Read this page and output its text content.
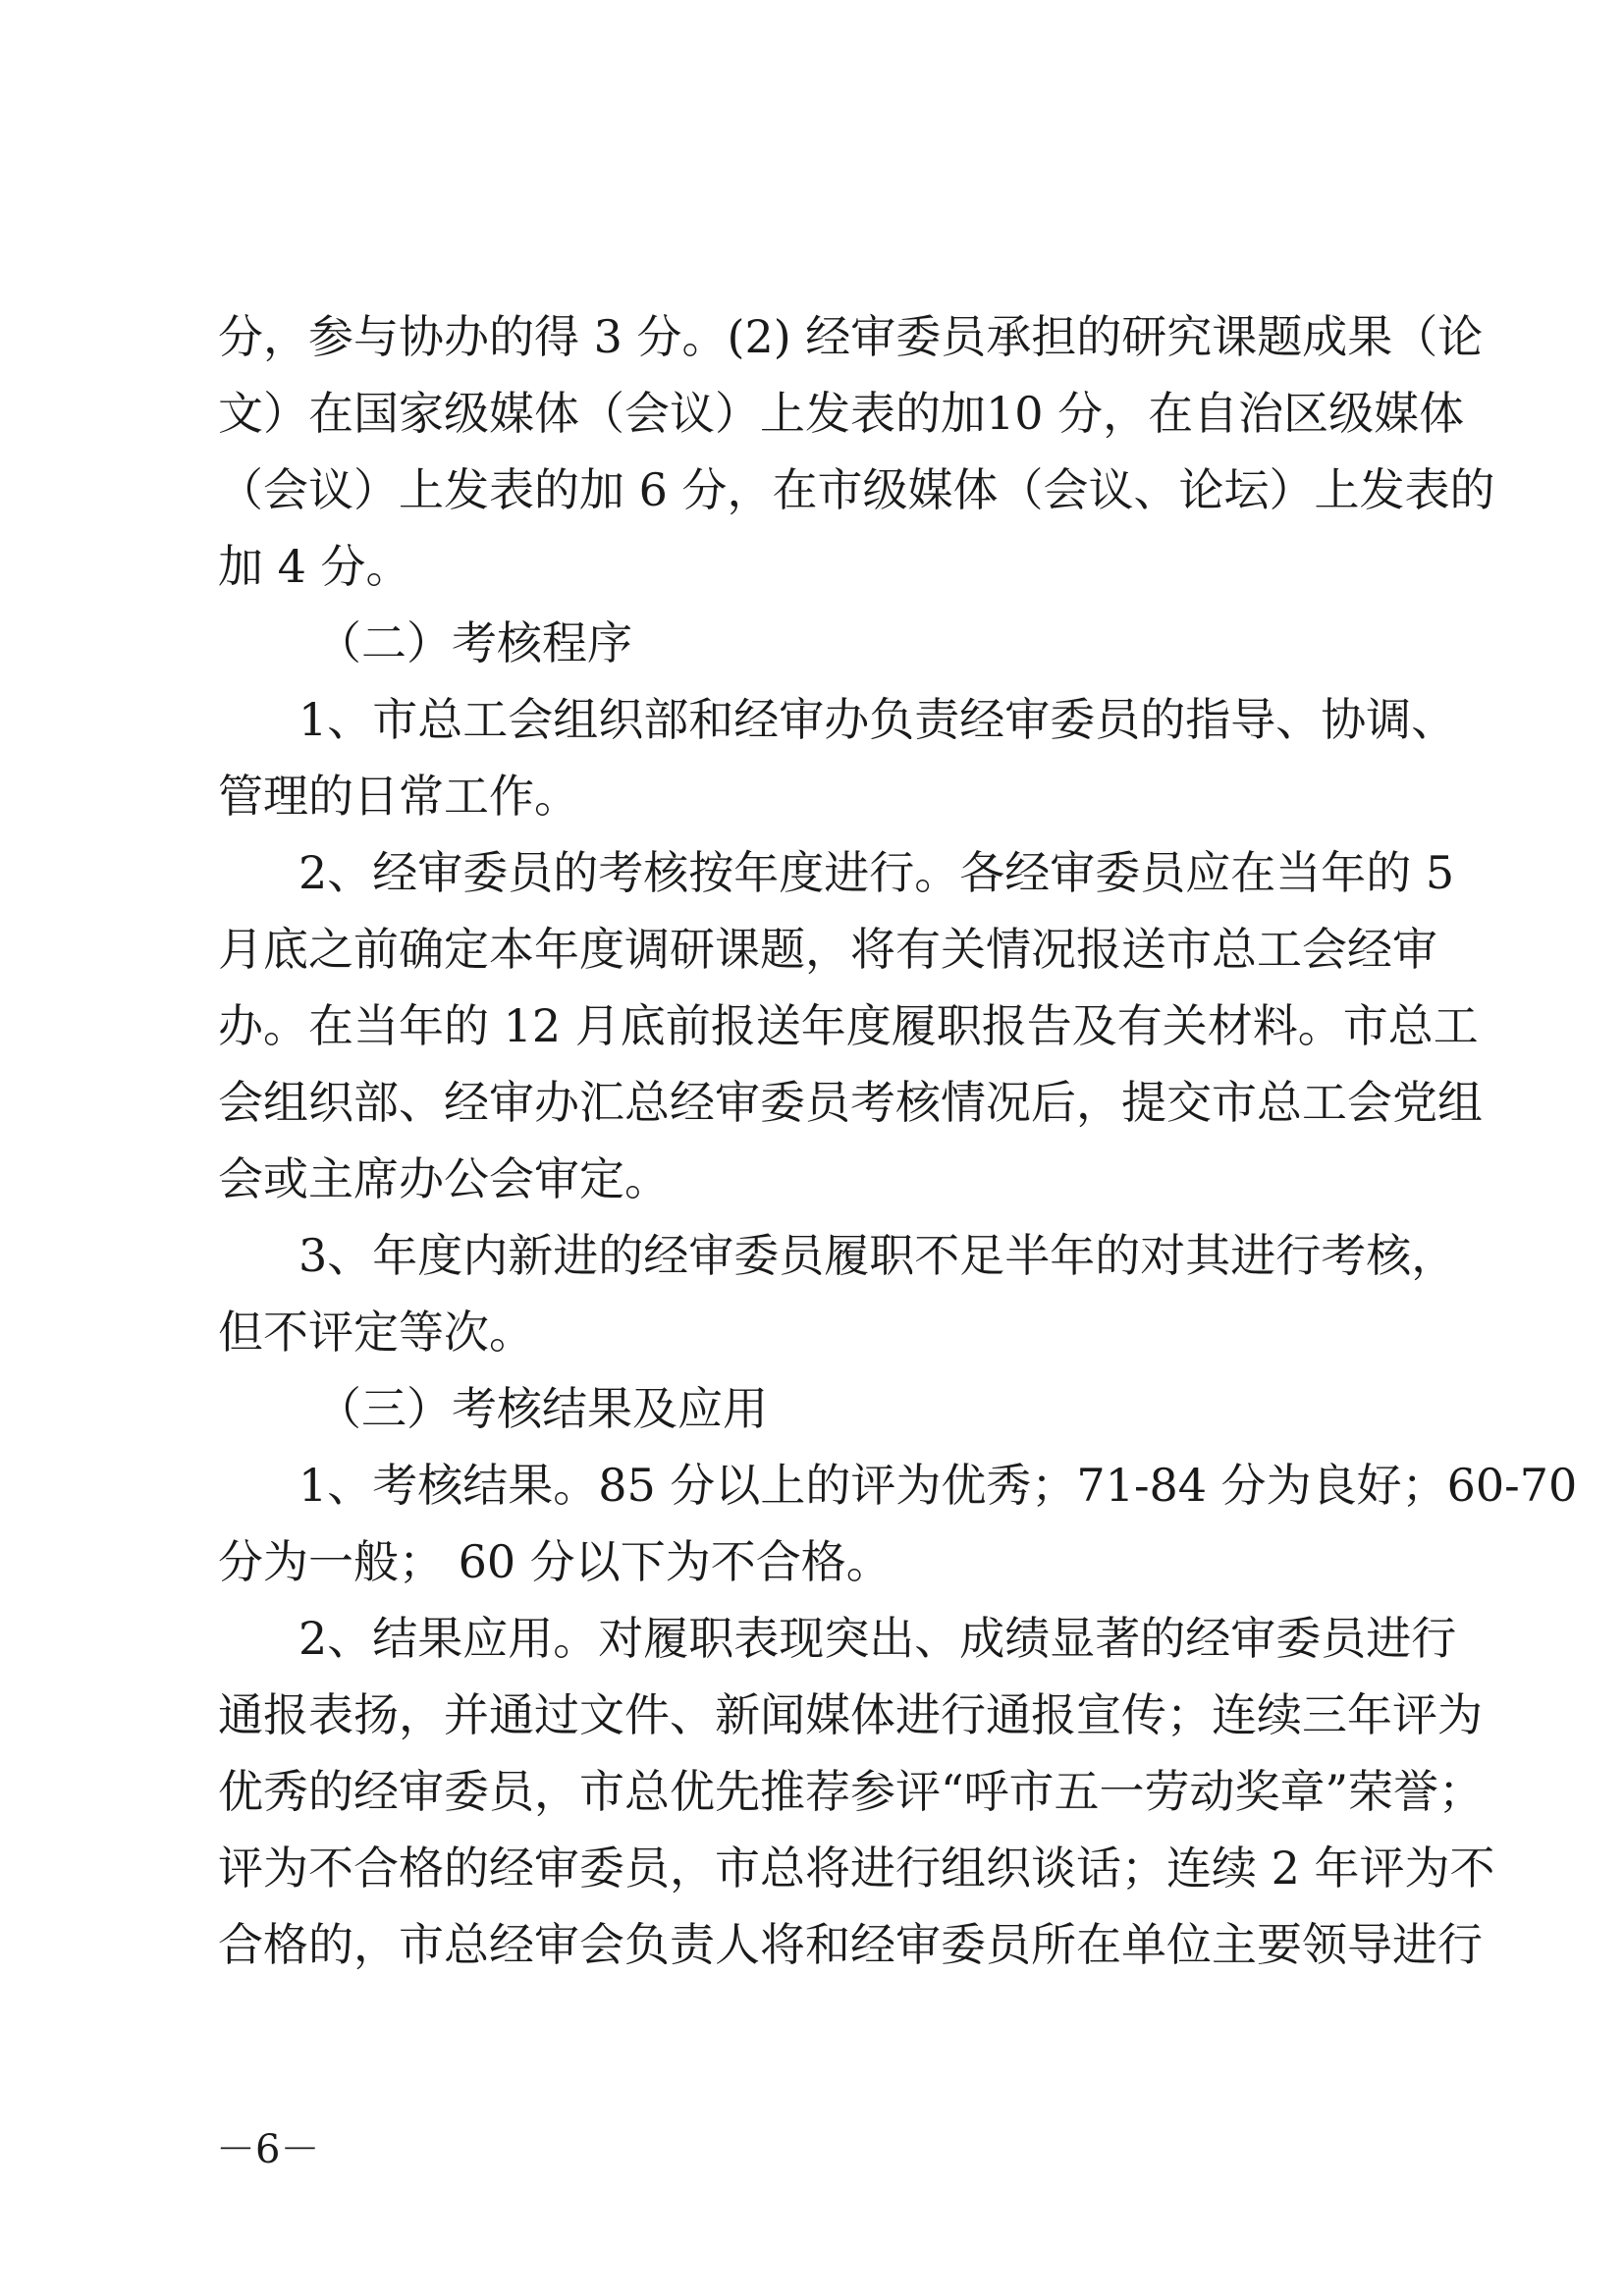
分，参与协办的得 3 分。(2) 经审委员承担的研究课题成果（论
文）在国家级媒体（会议）上发表的加10 分，在自治区级媒体
（会议）上发表的加 6 分，在市级媒体（会议、论坛）上发表的
加 4 分。
（二）考核程序
1、市总工会组织部和经审办负责经审委员的指导、协调、
管理的日常工作。
2、经审委员的考核按年度进行。各经审委员应在当年的 5
月底之前确定本年度调研课题，将有关情况报送市总工会经审
办。在当年的 12 月底前报送年度履职报告及有关材料。市总工
会组织部、经审办汇总经审委员考核情况后，提交市总工会党组
会或主席办公会审定。
3、年度内新进的经审委员履职不足半年的对其进行考核，
但不评定等次。
（三）考核结果及应用
1、考核结果。85 分以上的评为优秀；71-84 分为良好；60-70
分为一般； 60 分以下为不合格。
2、结果应用。对履职表现突出、成绩显著的经审委员进行
通报表扬，并通过文件、新闻媒体进行通报宣传；连续三年评为
优秀的经审委员，市总优先推荐参评“呼市五一劳动奖章”荣誉；
评为不合格的经审委员，市总将进行组织谈话；连续 2 年评为不
合格的，市总经审会负责人将和经审委员所在单位主要领导进行
－6－
